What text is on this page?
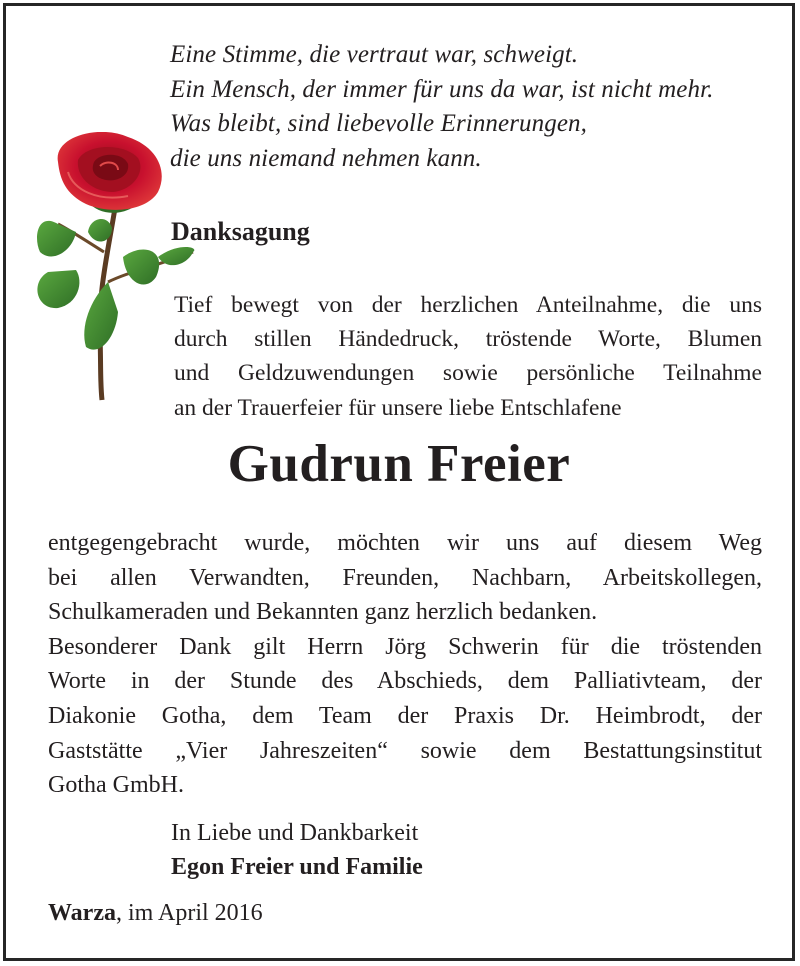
Eine Stimme, die vertraut war, schweigt.
Ein Mensch, der immer für uns da war, ist nicht mehr.
Was bleibt, sind liebevolle Erinnerungen,
die uns niemand nehmen kann.
Danksagung
Tief bewegt von der herzlichen Anteilnahme, die uns
durch stillen Händedruck, tröstende Worte, Blumen
und Geldzuwendungen sowie persönliche Teilnahme
an der Trauerfeier für unsere liebe Entschlafene
Gudrun Freier
entgegengebracht wurde, möchten wir uns auf diesem Weg
bei allen Verwandten, Freunden, Nachbarn, Arbeitskollegen,
Schulkameraden und Bekannten ganz herzlich bedanken.
Besonderer Dank gilt Herrn Jörg Schwerin für die tröstenden
Worte in der Stunde des Abschieds, dem Palliativteam, der
Diakonie Gotha, dem Team der Praxis Dr. Heimbrodt, der
Gaststätte „Vier Jahreszeiten“ sowie dem Bestattungsinstitut
Gotha GmbH.
In Liebe und Dankbarkeit
Egon Freier und Familie
Warza, im April 2016
